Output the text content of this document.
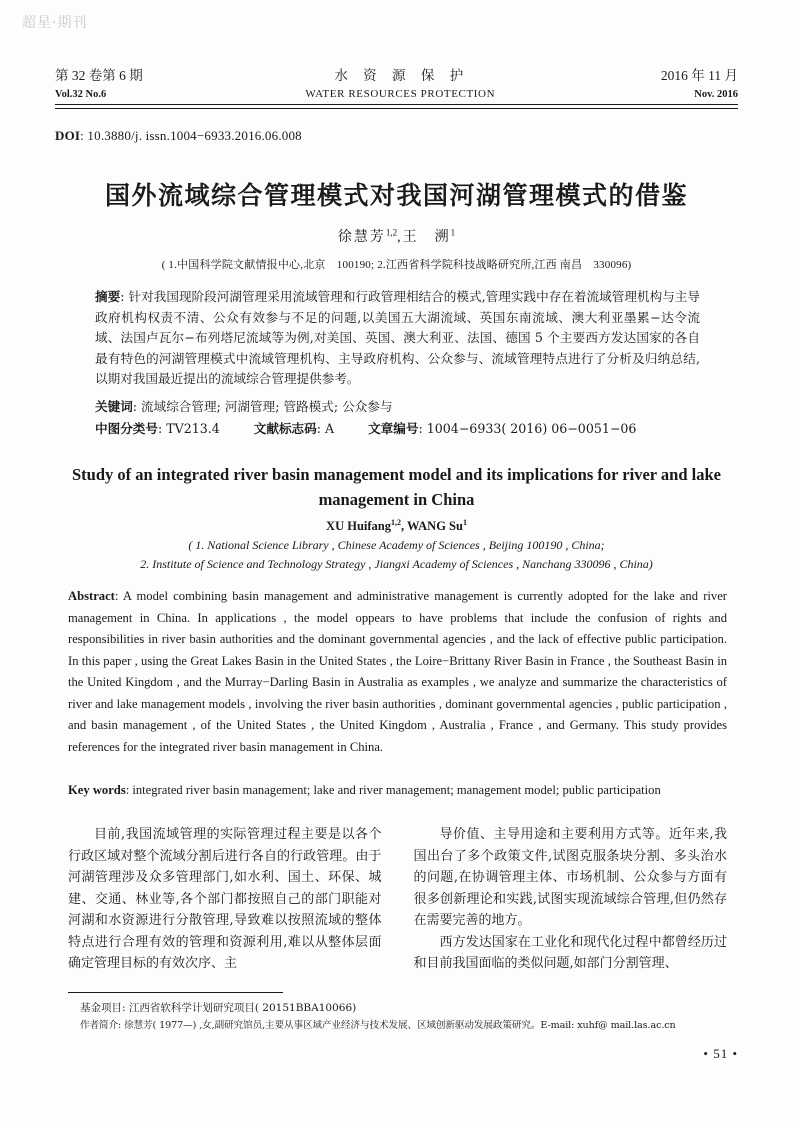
超星·期刊
第 32 卷第 6 期	水 资 源 保 护	2016 年 11 月
Vol.32 No.6	WATER RESOURCES PROTECTION	Nov. 2016
DOI: 10.3880/j. issn.1004−6933.2016.06.008
国外流域综合管理模式对我国河湖管理模式的借鉴
徐慧芳$^{1,2}$,王　溯$^1$
( 1.中国科学院文献情报中心,北京　100190; 2.江西省科学院科技战略研究所,江西 南昌　330096)
摘要: 针对我国现阶段河湖管理采用流域管理和行政管理相结合的模式,管理实践中存在着流域管理机构与主导政府机构权责不清、公众有效参与不足的问题,以美国五大湖流域、英国东南流域、澳大利亚墨累−达令流域、法国卢瓦尔−布列塔尼流域等为例,对美国、英国、澳大利亚、法国、德国 5 个主要西方发达国家的各自最有特色的河湖管理模式中流域管理机构、主导政府机构、公众参与、流域管理特点进行了分析及归纳总结,以期对我国最近提出的流域综合管理提供参考。
关键词: 流域综合管理; 河湖管理; 管路模式; 公众参与
中图分类号: TV213.4	文献标志码: A	文章编号: 1004−6933( 2016) 06−0051−06
Study of an integrated river basin management model and its implications for river and lake management in China
XU Huifang$^{1,2}$, WANG Su$^1$
( 1. National Science Library , Chinese Academy of Sciences , Beijing 100190 , China;
2. Institute of Science and Technology Strategy , Jiangxi Academy of Sciences , Nanchang 330096 , China)
Abstract: A model combining basin management and administrative management is currently adopted for the lake and river management in China. In applications , the model oppears to have problems that include the confusion of rights and responsibilities in river basin authorities and the dominant governmental agencies , and the lack of effective public participation. In this paper , using the Great Lakes Basin in the United States , the Loire−Brittany River Basin in France , the Southeast Basin in the United Kingdom , and the Murray−Darling Basin in Australia as examples , we analyze and summarize the characteristics of river and lake management models , involving the river basin authorities , dominant governmental agencies , public participation , and basin management , of the United States , the United Kingdom , Australia , France , and Germany. This study provides references for the integrated river basin management in China.
Key words: integrated river basin management; lake and river management; management model; public participation

目前,我国流域管理的实际管理过程主要是以各个行政区域对整个流域分割后进行各自的行政管理。由于河湖管理涉及众多管理部门,如水利、国土、环保、城建、交通、林业等,各个部门都按照自己的部门职能对河湖和水资源进行分散管理,导致难以按照流域的整体特点进行合理有效的管理和资源利用,难以从整体层面确定管理目标的有效次序、主

导价值、主导用途和主要利用方式等。近年来,我国出台了多个政策文件,试图克服条块分割、多头治水的问题,在协调管理主体、市场机制、公众参与方面有很多创新理论和实践,试图实现流域综合管理,但仍然存在需要完善的地方。

西方发达国家在工业化和现代化过程中都曾经历过和目前我国面临的类似问题,如部门分割管理、

基金项目: 江西省软科学计划研究项目( 20151BBA10066)
作者简介: 徐慧芳( 1977—) ,女,副研究馆员,主要从事区域产业经济与技术发展、区域创新驱动发展政策研究。E-mail: xuhf@ mail.las.ac.cn
• 51 •
